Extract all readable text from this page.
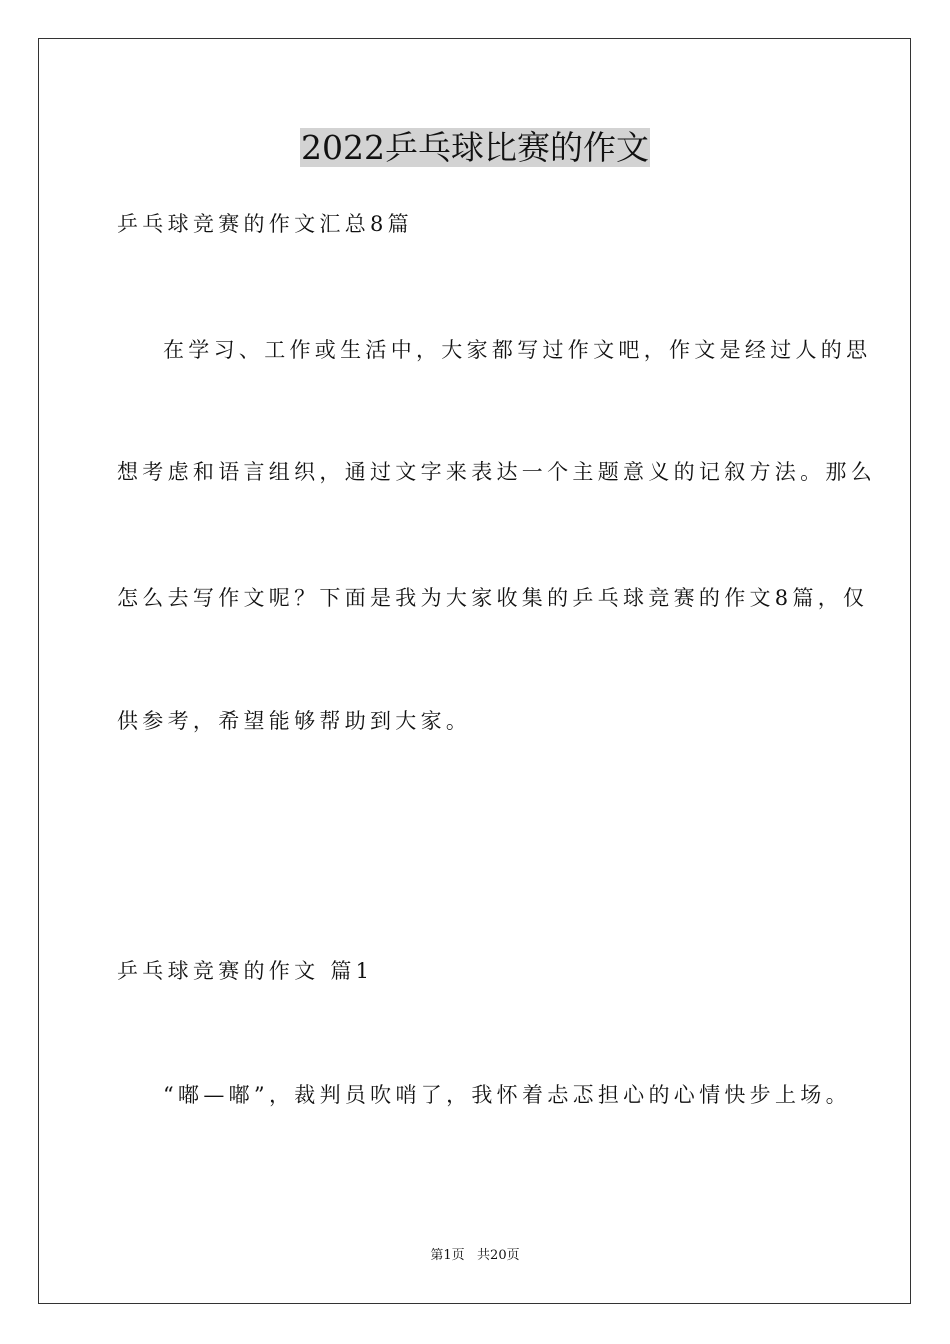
2022乒乓球比赛的作文
乒乓球竞赛的作文汇总8篇
在学习、工作或生活中，大家都写过作文吧，作文是经过人的思
想考虑和语言组织，通过文字来表达一个主题意义的记叙方法。那么
怎么去写作文呢？下面是我为大家收集的乒乓球竞赛的作文8篇，仅
供参考，希望能够帮助到大家。
乒乓球竞赛的作文 篇1
“嘟—嘟”，裁判员吹哨了，我怀着忐忑担心的心情快步上场。
第1页   共20页
